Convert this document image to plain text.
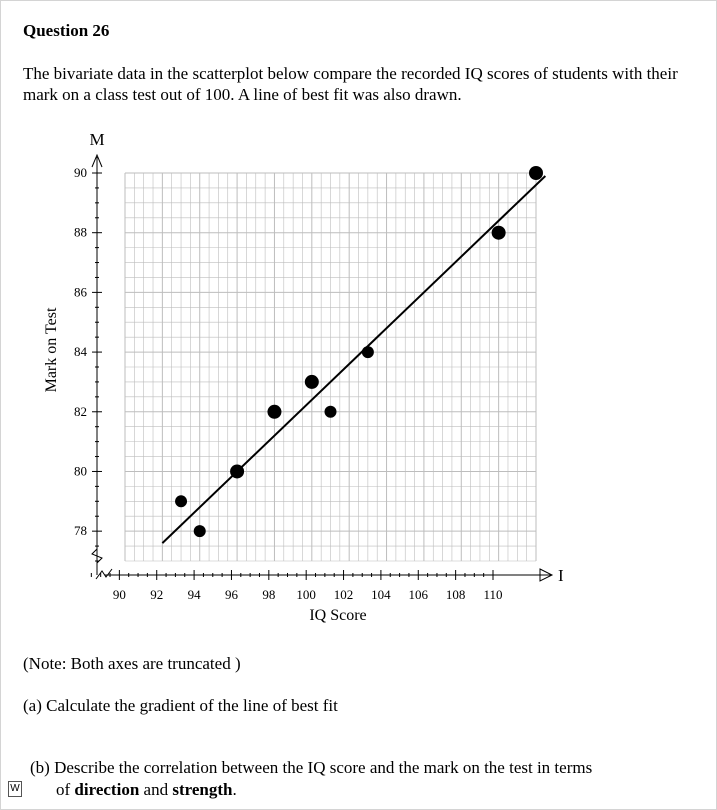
Question 26
The bivariate data in the scatterplot below compare the recorded IQ scores of students with their mark on a class test out of 100. A line of best fit was also drawn.
78
80
82
84
86
88
90
90 92 94 96 98 100 102 104 106 108 110
M
I
IQ Score
Mark on Test
(Note: Both axes are truncated )
(a) Calculate the gradient of the line of best fit
(b) Describe the correlation between the IQ score and the mark on the test in terms
of direction and strength.
W
